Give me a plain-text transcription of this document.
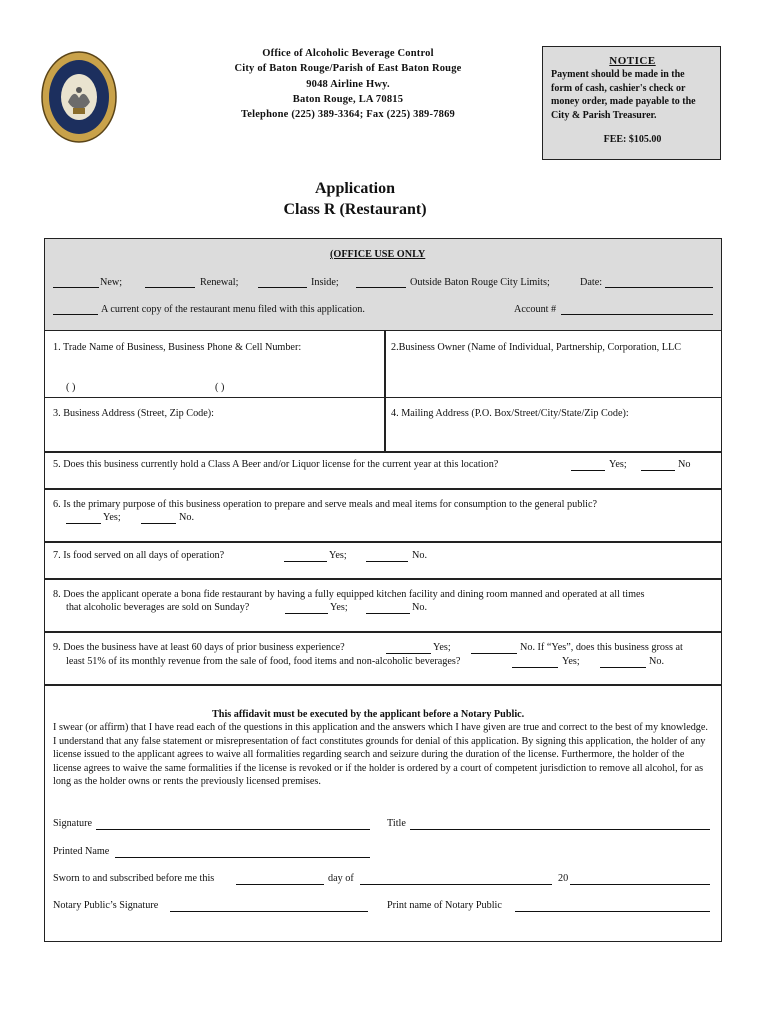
Office of Alcoholic Beverage Control
City of Baton Rouge/Parish of East Baton Rouge
9048 Airline Hwy.
Baton Rouge, LA 70815
Telephone (225) 389-3364; Fax (225) 389-7869
NOTICE
Payment should be made in the
form of cash, cashier's check or
money order, made payable to the
City & Parish Treasurer.
FEE: $105.00
Application
Class R (Restaurant)
(OFFICE USE ONLY
New;	Renewal;	Inside;	Outside Baton Rouge City Limits;	Date:
A current copy of the restaurant menu filed with this application.	Account #
1. Trade Name of Business, Business Phone & Cell Number:
( )	( )
2.Business Owner (Name of Individual, Partnership, Corporation, LLC
3. Business Address (Street, Zip Code):	4. Mailing Address (P.O. Box/Street/City/State/Zip Code):
5. Does this business currently hold a Class A Beer and/or Liquor license for the current year at this location?	Yes;	No
6. Is the primary purpose of this business operation to prepare and serve meals and meal items for consumption to the general public?
Yes;	No.
7. Is food served on all days of operation?	Yes;	No.
8. Does the applicant operate a bona fide restaurant by having a fully equipped kitchen facility and dining room manned and operated at all times
that alcoholic beverages are sold on Sunday?	Yes;	No.
9. Does the business have at least 60 days of prior business experience?	Yes;	No. If “Yes”, does this business gross at
least 51% of its monthly revenue from the sale of food, food items and non-alcoholic beverages?	Yes;	No.
This affidavit must be executed by the applicant before a Notary Public.
I swear (or affirm) that I have read each of the questions in this application and the answers which I have given are true and correct to the best of my knowledge. I understand that any false statement or misrepresentation of fact constitutes grounds for denial of this application. By signing this application, the holder of any license issued to the applicant agrees to waive all formalities regarding search and seizure during the duration of the license. Furthermore, the holder of the license agrees to waive the same formalities if the license is revoked or if the holder is ordered by a court of competent jurisdiction to remove all alcohol, for as long as the holder owns or rents the previously licensed premises.
Signature	Title
Printed Name
Sworn to and subscribed before me this	day of	20
Notary Public’s Signature	Print name of Notary Public
